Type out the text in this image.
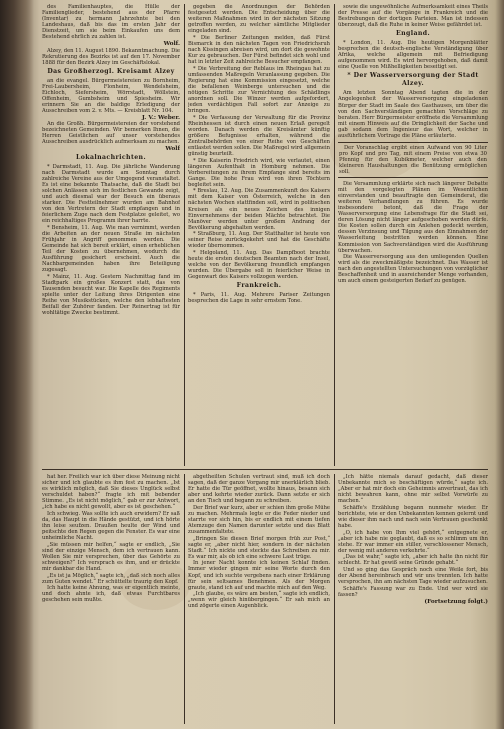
des Familienhauptes, die Hülle der Familienglieder, bestehend aus der Pfarre (Inventar) zu hermann Jahrzehnte bei den Landeshaus, daß bis das im ersten Jahr der Dienstzeit, um sie beim Einkaufen uns dem Bestehend ehrlich zu zahlen ist.

Wolf.

Alzey, den 11. August 1890. Bekanntmachung. Die Rekrutierung des Bezirks ist auf den 17. November 1888 für den Bezirk Alzey im Geschäftslokal.

Das Großherzogl. Kreisamt Alzey

an die evangel. Bürgermeistereien zu Bornheim, Frei-Laubersheim, Flonheim, Wendelsheim, Eichloch, Siefersheim, Wörrstadt, Wöllstein, Offenheim, Gumbsheim und Spiesheim. Wir erinnern Sie an die baldige Erledigung der Ausschreiben vom 2. v. Mts. — Kreisblatt Nr. 104.

J. V.: Weber.

An die Großh. Bürgermeistereien der vorstehend bezeichneten Gemeinden. Wir bemerken Ihnen, die Herren Geistlichen auf unser vorstehendes Ausschreiben ausdrücklich aufmerksam zu machen.

Wolf

Lokalnachrichten.

* Darmstadt, 11. Aug. Die jährliche Wanderung nach Darmstadt wurde am Sonntag durch zahlreiche Vereine aus der Umgegend veranstaltet. Es ist eine bekannte Thatsache, daß die Stadt bei solchen Anlässen sich im festlichen Gewande zeigt, und auch diesmal war der Besuch ein überaus starker. Die Festteilnehmer wurden am Bahnhof von den Vertretern der Stadt empfangen und in feierlichem Zuge nach dem Festplatze geleitet, wo ein reichhaltiges Programm ihrer harrte.

* Bensheim, 11. Aug. Wie man vernimmt, werden die Arbeiten an der neuen Straße im nächsten Frühjahr in Angriff genommen werden. Die Gemeinde hat sich bereit erklärt, einen erheblichen Teil der Kosten zu übernehmen, wodurch die Ausführung gesichert erscheint. Auch die Nachbargemeinden haben ihre Beteiligung zugesagt.

* Mainz, 11. Aug. Gestern Nachmittag fand im Stadtpark ein großes Konzert statt, das von Tausenden besucht war. Die Kapelle des Regiments spielte unter der Leitung ihres Dirigenten eine Reihe von Musikstücken, welche den lebhaftesten Beifall der Zuhörer fanden. Der Reinertrag ist für wohltätige Zwecke bestimmt.

gegeben die Anordnungen der Behörden festgesetzt werden. Die Entscheidung über die weiteren Maßnahmen wird in der nächsten Sitzung getroffen werden, zu welcher sämtliche Mitglieder eingeladen sind.

* Die Berliner Zeitungen melden, daß Fürst Bismarck in den nächsten Tagen von Friedrichsruh nach Kissingen abreisen wird, um dort die gewohnte Kur zu gebrauchen. Der Fürst befindet sich wohl und hat in letzter Zeit zahlreiche Besucher empfangen.

* Die Verbreitung der Reblaus im Rheingau hat zu umfassenden Maßregeln Veranlassung gegeben. Die Regierung hat eine Kommission eingesetzt, welche die befallenen Weinberge untersuchen und die nötigen Schritte zur Vernichtung des Schädlings anordnen soll. Die Winzer werden aufgefordert, jeden verdächtigen Fall sofort zur Anzeige zu bringen.

* Die Verfassung der Verwaltung für die Provinz Rheinhessen ist durch einen neuen Erlaß geregelt worden. Danach werden die Kreisämter künftig größere Befugnisse erhalten, während die Zentralbehörden von einer Reihe von Geschäften entlastet werden sollen. Die Maßregel wird allgemein günstig beurteilt.

* Die Kaiserin Friedrich wird, wie verlautet, einen längeren Aufenthalt in Homburg nehmen. Die Vorbereitungen zu ihrem Empfange sind bereits im Gange. Die hohe Frau wird von ihren Töchtern begleitet sein.

* Breslau, 12. Aug. Die Zusammenkunft des Kaisers mit dem Kaiser von Österreich, welche in den nächsten Wochen stattfinden soll, wird in politischen Kreisen als ein neues Zeichen des innigen Einvernehmens der beiden Mächte betrachtet. Die Manöver werden unter großem Andrang der Bevölkerung abgehalten werden.

* Straßburg, 11. Aug. Der Statthalter ist heute von seiner Reise zurückgekehrt und hat die Geschäfte wieder übernommen.

* Helgoland, 11. Aug. Das Dampfboot brachte heute die ersten deutschen Beamten nach der Insel, welche von der Bevölkerung freundlich empfangen wurden. Die Übergabe soll in feierlicher Weise in Gegenwart des Kaisers vollzogen werden.

Frankreich.

* Paris, 11. Aug. Mehrere Pariser Zeitungen besprechen die Lage in sehr ernstem Tone.

sowie die ungewöhnliche Aufmerksamkeit eines Theils der Presse auf die Vorgänge in Frankreich und die Bestrebungen der dortigen Parteien. Man ist indessen überzeugt, daß die Ruhe in keiner Weise gefährdet ist.

England.

* London, 11. Aug. Die heutigen Morgenblätter besprechen die deutsch-englische Verständigung über Afrika, welche allgemein mit Befriedigung aufgenommen wird. Es wird hervorgehoben, daß damit eine Quelle von Mißhelligkeiten beseitigt sei.

* Der Wasserversorgung der Stadt Alzey.

Am letzten Sonntag Abend tagten die in der Angelegenheit der Wasserversorgung eingeladenen Bürger der Stadt im Saale des Gasthauses, um über die von den Sachverständigen gemachten Vorschläge zu beraten. Herr Bürgermeister eröffnete die Versammlung mit einem Hinweis auf die Dringlichkeit der Sache und gab sodann dem Ingenieur das Wort, welcher in ausführlichem Vortrage die Pläne erläuterte.

Der Voranschlag ergibt einen Aufwand von 90 Liter pro Kopf und pro Tag, mit einem Preise von etwa 30 Pfennig für den Kubikmeter, welcher auch den kleineren Haushaltungen die Benützung ermöglichen soll.

Die Versammlung erklärte sich nach längerer Debatte mit den vorgelegten Plänen im Wesentlichen einverstanden und beauftragte den Gemeinderat, die weiteren Verhandlungen zu führen. Es wurde insbesondere betont, daß die Frage der Wasserversorgung eine Lebensfrage für die Stadt sei, deren Lösung nicht länger aufgeschoben werden dürfe. Die Kosten sollen durch ein Anlehen gedeckt werden, dessen Verzinsung und Tilgung aus den Einnahmen der Wasserleitung bestritten werden können. Eine Kommission von Sachverständigen wird die Ausführung überwachen.

Die Wasserversorgung aus den umliegenden Quellen wird als die zweckmäßigste bezeichnet. Das Wasser ist nach den angestellten Untersuchungen von vorzüglicher Beschaffenheit und in ausreichender Menge vorhanden, um auch einem gesteigerten Bedarf zu genügen.

hat her. Freilich war ich über diese Meinung nicht sicher und ich glaubte es ihm fest zu machen. „Ist es wirklich möglich, daß Sie dieses Unglück selbst verschuldet haben?“ fragte ich mit bebender Stimme. „Es ist nicht möglich,“ gab er zur Antwort, „ich habe es nicht gewollt, aber es ist geschehen.“

Ich schwieg. Was sollte ich auch erwidern? Er saß da, das Haupt in die Hände gestützt, und ich hörte ihn leise seufzen. Draußen heulte der Wind und peitschte den Regen gegen die Fenster. Es war eine unheimliche Nacht.

„Sie müssen mir helfen,“ sagte er endlich, „Sie sind der einzige Mensch, dem ich vertrauen kann. Wollen Sie mir versprechen, über das Gehörte zu schweigen?“ Ich versprach es ihm, und er drückte mir dankbar die Hand.

„Es ist ja Möglich,“ sagte ich, „daß sich noch alles zum Guten wendet.“ Er schüttelte traurig den Kopf.

Ich hatte keine Ahnung, was er eigentlich meinte, und doch ahnte ich, daß etwas Furchtbares geschehen sein mußte.

abgetheilten Schulen vertraut sind, muß ich doch sagen, daß der ganze Vorgang mir unerklärlich blieb. Er hatte die Tür geöffnet, wollte hinaus, besann sich aber und kehrte wieder zurück. Dann setzte er sich an den Tisch und begann zu schreiben.

Der Brief war kurz, aber er schien ihm große Mühe zu machen. Mehrmals legte er die Feder nieder und starrte vor sich hin, bis er endlich mit einem tiefen Atemzuge den Namen darunter setzte und das Blatt zusammenfaltete.

„Bringen Sie diesen Brief morgen früh zur Post,“ sagte er, „aber nicht hier, sondern in der nächsten Stadt.“ Ich nickte und steckte das Schreiben zu mir. Es war mir, als ob ich eine schwere Last trüge.

In jener Nacht konnte ich keinen Schlaf finden. Immer wieder gingen mir seine Worte durch den Kopf, und ich suchte vergebens nach einer Erklärung für sein seltsames Benehmen. Als der Morgen graute, stand ich auf und machte mich auf den Weg.

„Ich glaube, es wäre am besten,“ sagte ich endlich, „wenn wir gleich hinübergingen.“ Er sah mich an und zögerte einen Augenblick.

„Ich hätte niemals darauf gedacht, daß dieser Unbekannte mich so beschäftigen würde,“ sagte ich. „Aber er hat mir doch ein Geheimnis anvertraut, das ich nicht bewahren kann, ohne mir selbst Vorwürfe zu machen.“

Schäffe's Erzählung begann nunmehr wieder. Er berichtete, wie er den Unbekannten kennen gelernt und wie dieser ihm nach und nach sein Vertrauen geschenkt habe.

„O, ich habe von Ihm viel gehört,“ entgegnete er, „aber ich habe nie geglaubt, daß es so schlimm um ihn stehe. Er war immer ein stiller, verschlossener Mensch, der wenig mit anderen verkehrte.“

„Das ist wahr,“ sagte ich, „aber ich halte ihn nicht für schlecht. Er hat gewiß seine Gründe gehabt.“

Und so ging das Gespräch noch eine Weile fort, bis der Abend hereinbrach und wir uns trennten. Ich hatte versprochen, ihn am nächsten Tage wieder aufzusuchen.

Schäffe's Fassung war zu Ende. Und wer wird sie fassen?

(Fortsetzung folgt.)
